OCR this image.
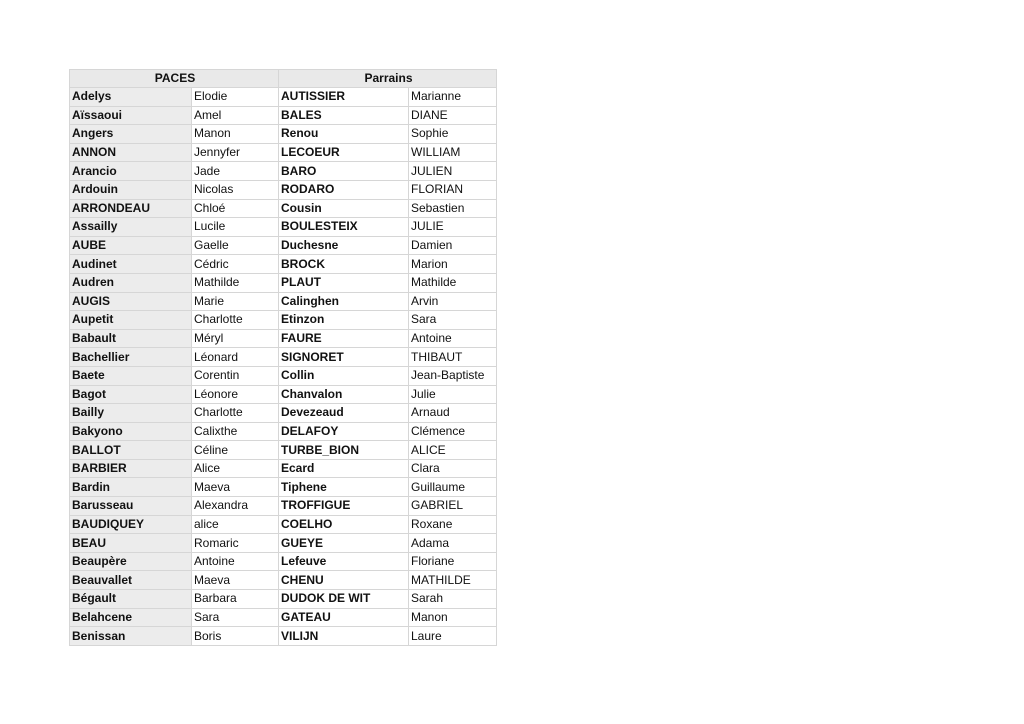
PACES		Parrains	
Adelys	Elodie	AUTISSIER	Marianne
Aïssaoui	Amel	BALES	DIANE
Angers	Manon	Renou	Sophie
ANNON	Jennyfer	LECOEUR	WILLIAM
Arancio	Jade	BARO	JULIEN
Ardouin	Nicolas	RODARO	FLORIAN
ARRONDEAU	Chloé	Cousin	Sebastien
Assailly	Lucile	BOULESTEIX	JULIE
AUBE	Gaelle	Duchesne	Damien
Audinet	Cédric	BROCK	Marion
Audren	Mathilde	PLAUT	Mathilde
AUGIS	Marie	Calinghen	Arvin
Aupetit	Charlotte	Etinzon	Sara
Babault	Méryl	FAURE	Antoine
Bachellier	Léonard	SIGNORET	THIBAUT
Baete	Corentin	Collin	Jean-Baptiste
Bagot	Léonore	Chanvalon	Julie
Bailly	Charlotte	Devezeaud	Arnaud
Bakyono	Calixthe	DELAFOY	Clémence
BALLOT	Céline	TURBE_BION	ALICE
BARBIER	Alice	Ecard	Clara
Bardin	Maeva	Tiphene	Guillaume
Barusseau	Alexandra	TROFFIGUE	GABRIEL
BAUDIQUEY	alice	COELHO	Roxane
BEAU	Romaric	GUEYE	Adama
Beaupère	Antoine	Lefeuve	Floriane
Beauvallet	Maeva	CHENU	MATHILDE
Bégault	Barbara	DUDOK DE WIT	Sarah
Belahcene	Sara	GATEAU	Manon
Benissan	Boris	VILIJN	Laure
